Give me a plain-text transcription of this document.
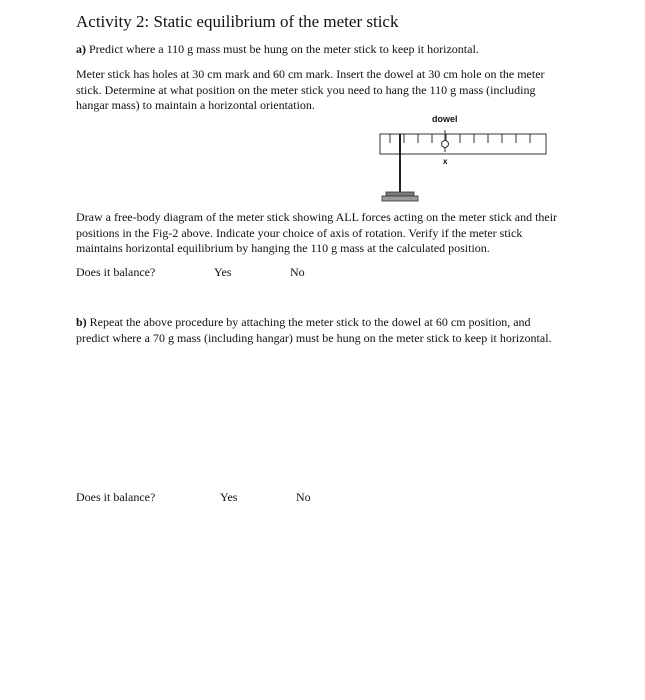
Activity 2: Static equilibrium of the meter stick
a) Predict where a 110 g mass must be hung on the meter stick to keep it horizontal.
Meter stick has holes at 30 cm mark and 60 cm mark. Insert the dowel at 30 cm hole on the meter stick. Determine at what position on the meter stick you need to hang the 110 g mass (including hangar mass) to maintain a horizontal orientation.
dowel
x
Draw a free-body diagram of the meter stick showing ALL forces acting on the meter stick and their positions in the Fig-2 above. Indicate your choice of axis of rotation. Verify if the meter stick maintains horizontal equilibrium by hanging the 110 g mass at the calculated position.
Does it balance?	Yes	No
b) Repeat the above procedure by attaching the meter stick to the dowel at 60 cm position, and predict where a 70 g mass (including hangar) must be hung on the meter stick to keep it horizontal.
Does it balance?	Yes	No
